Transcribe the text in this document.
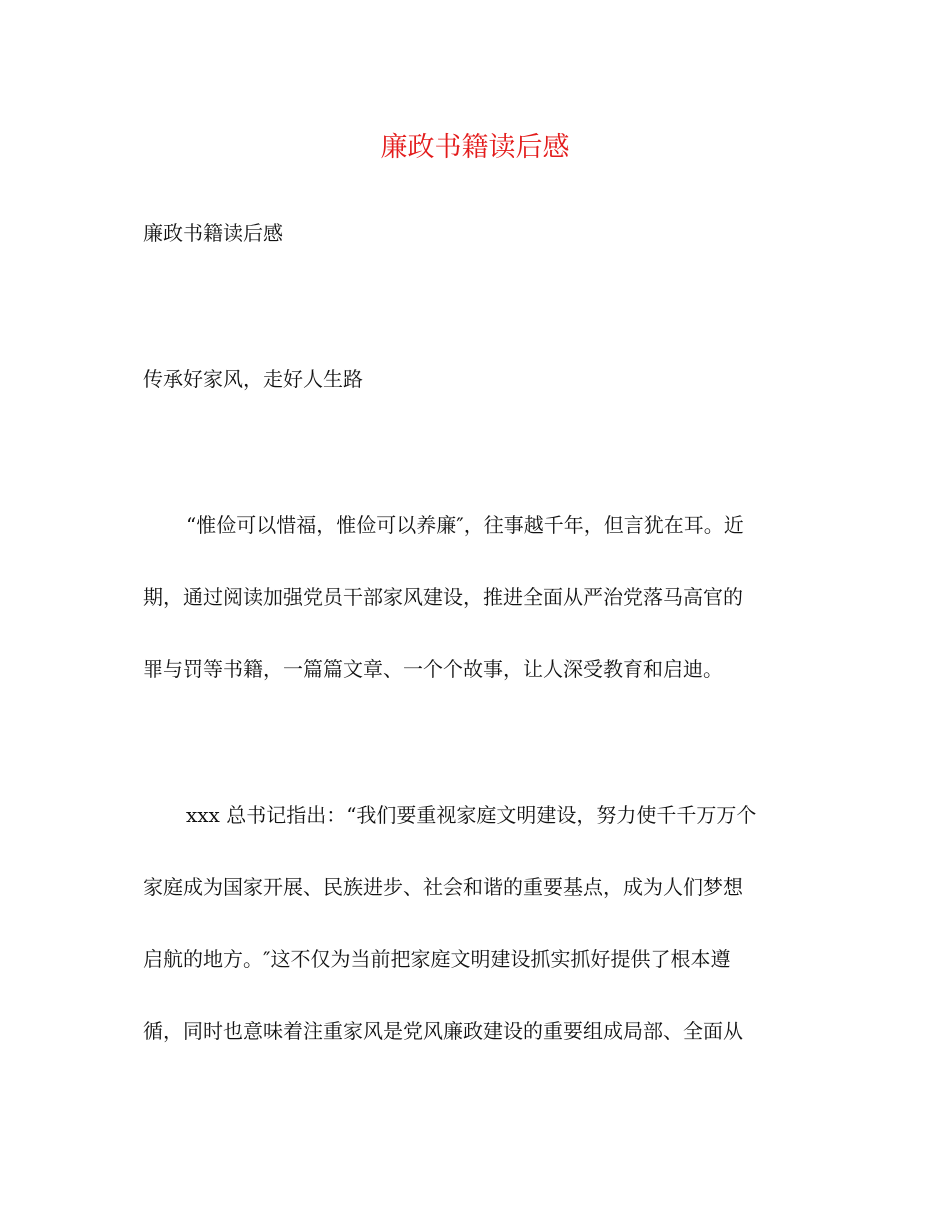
廉政书籍读后感

廉政书籍读后感

传承好家风，走好人生路

“惟俭可以惜福，惟俭可以养廉″，往事越千年，但言犹在耳。近

期，通过阅读加强党员干部家风建设，推进全面从严治党落马高官的

罪与罚等书籍，一篇篇文章、一个个故事，让人深受教育和启迪。

xxx 总书记指出：“我们要重视家庭文明建设，努力使千千万万个

家庭成为国家开展、民族进步、社会和谐的重要基点，成为人们梦想

启航的地方。″这不仅为当前把家庭文明建设抓实抓好提供了根本遵

循，同时也意味着注重家风是党风廉政建设的重要组成局部、全面从
